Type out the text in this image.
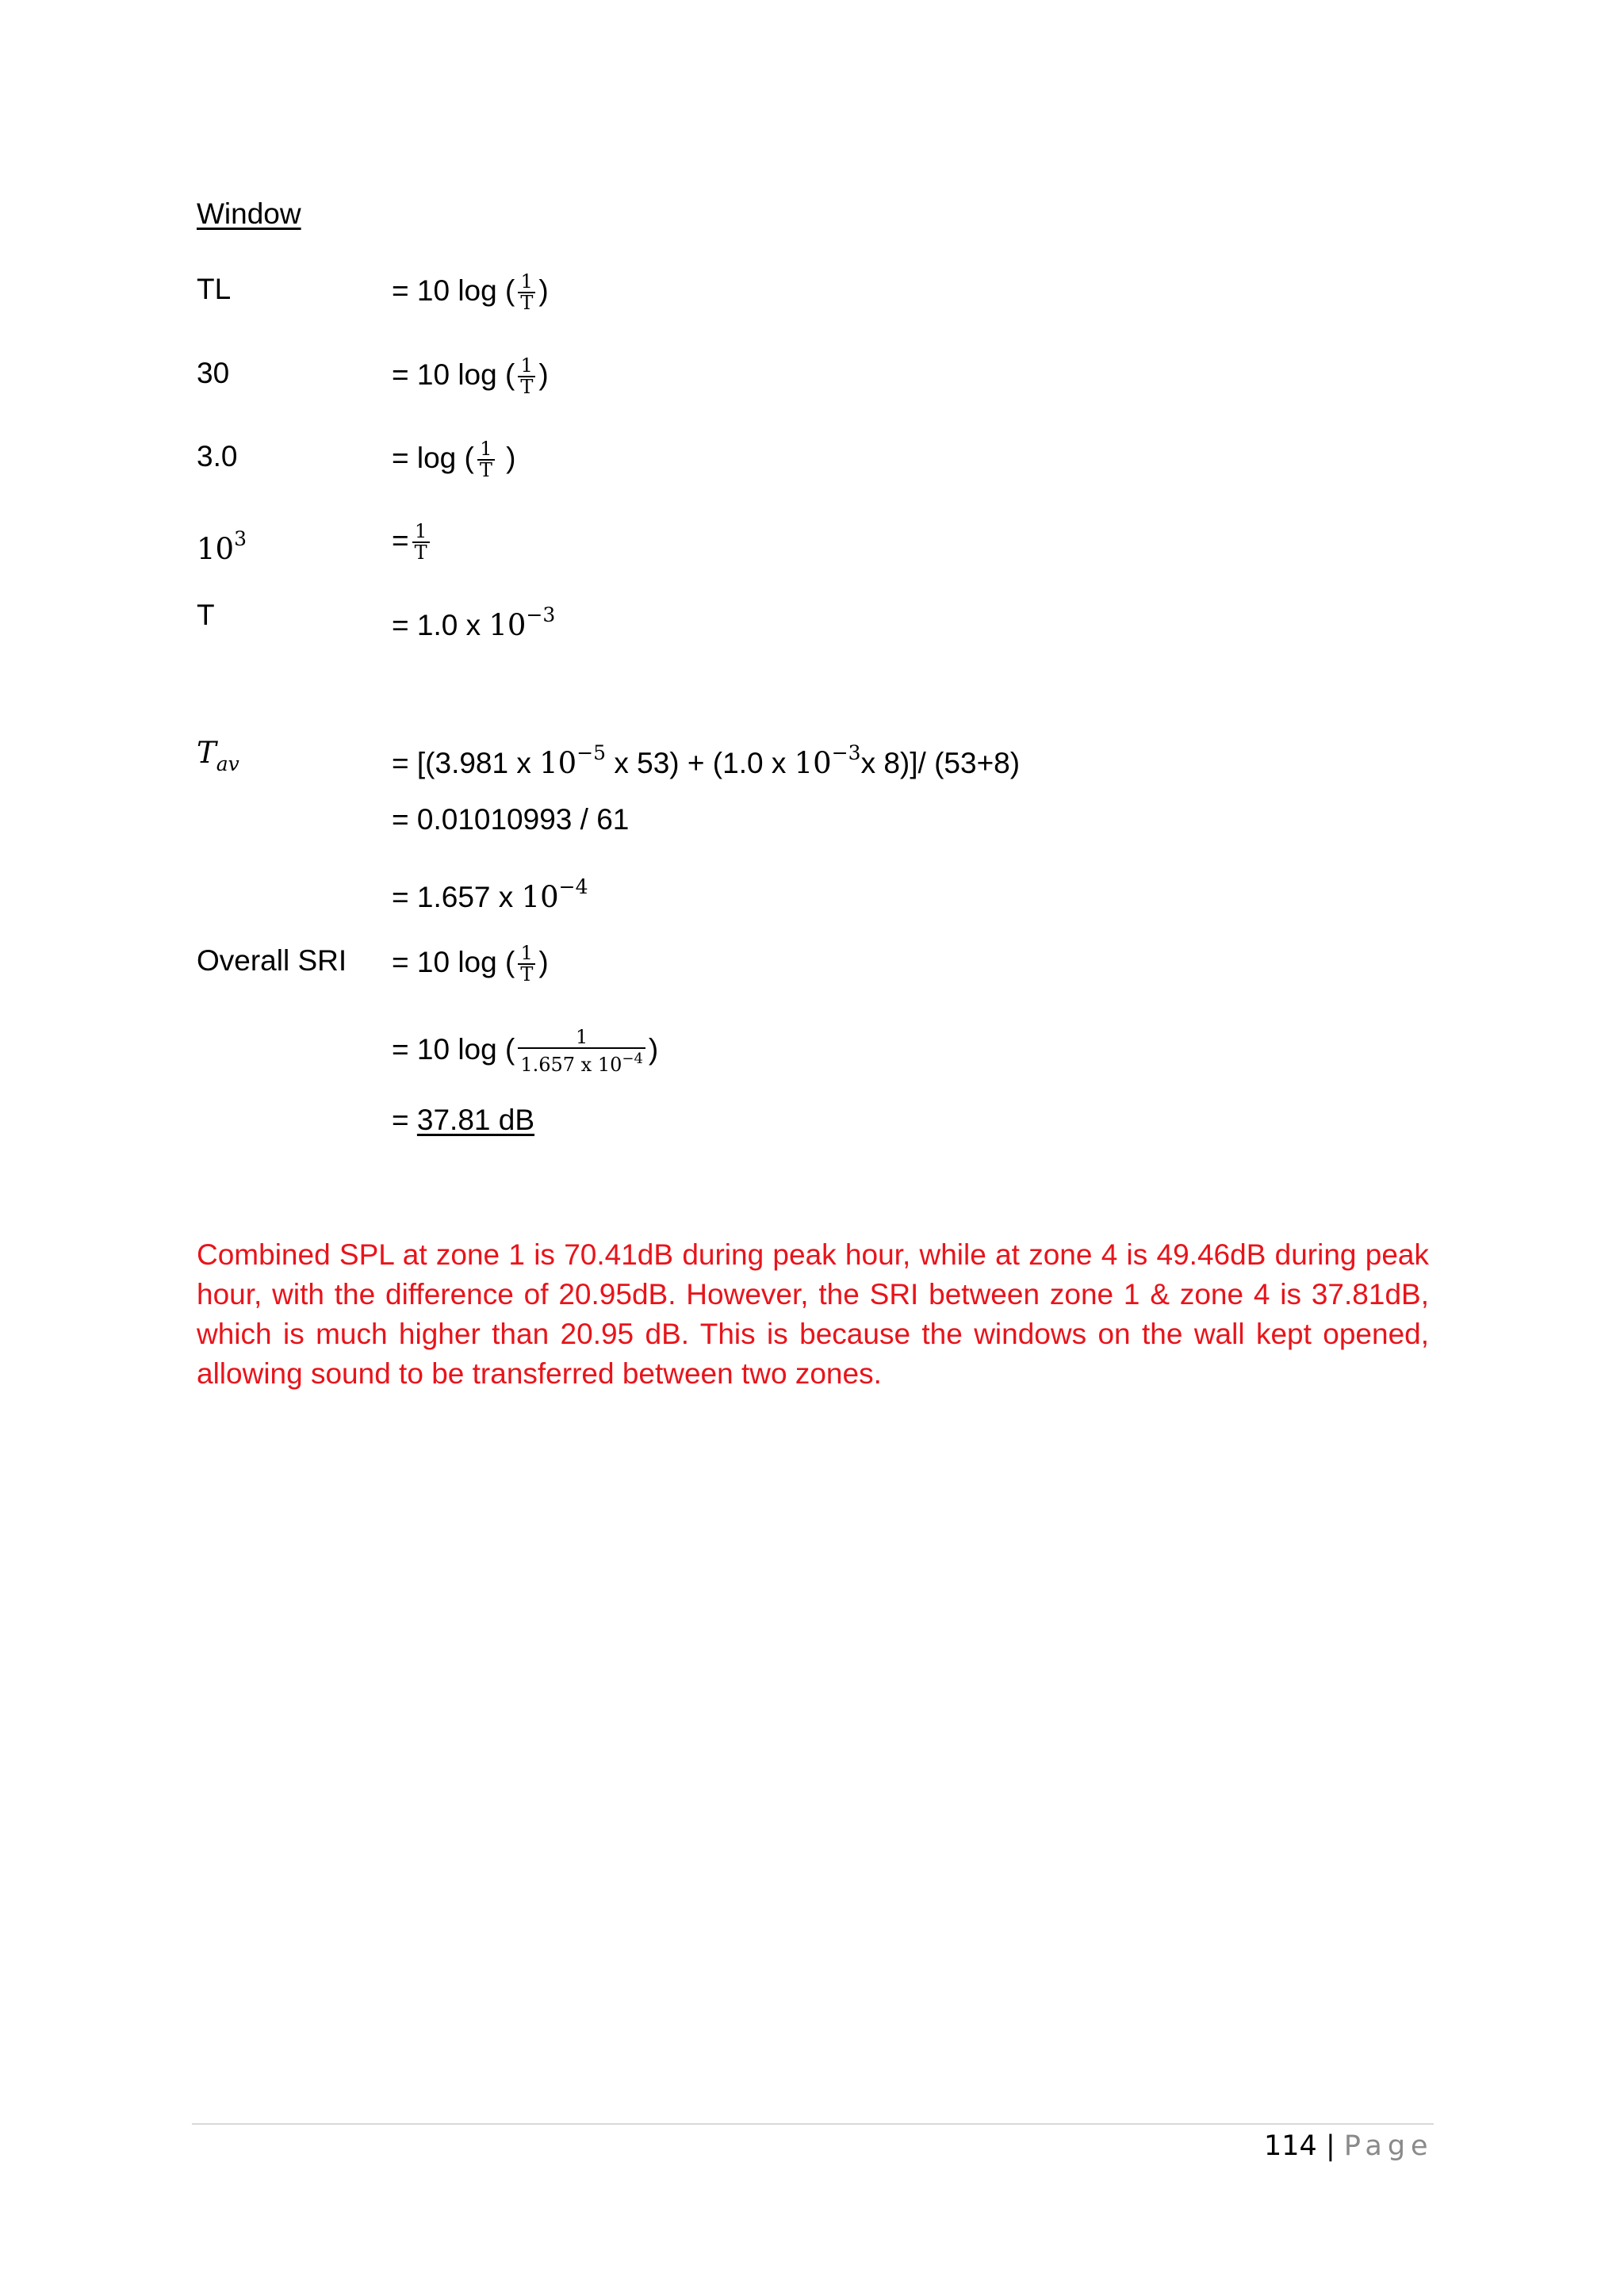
Window
TL	= 10 log ( $\frac{1}{T}$ )
30	= 10 log ( $\frac{1}{T}$ )
3.0	= log ( $\frac{1}{T}$ )
$10^3$	= $\frac{1}{T}$
T	= 1.0 x $10^{-3}$
$T_{av}$	= [(3.981 x $10^{-5}$ x 53) + (1.0 x $10^{-3}x$ 8)]/ (53+8)
= 0.01010993 / 61
= 1.657 x $10^{-4}$
Overall SRI = 10 log ( $\frac{1}{T}$ )
= 10 log ( $\frac{1}{1.657 x 10^{-4}}$ )
= 37.81 dB
Combined SPL at zone 1 is 70.41dB during peak hour, while at zone 4 is 49.46dB during peak hour, with the difference of 20.95dB. However, the SRI between zone 1 & zone 4 is 37.81dB, which is much higher than 20.95 dB. This is because the windows on the wall kept opened, allowing sound to be transferred between two zones.
114 | Page
